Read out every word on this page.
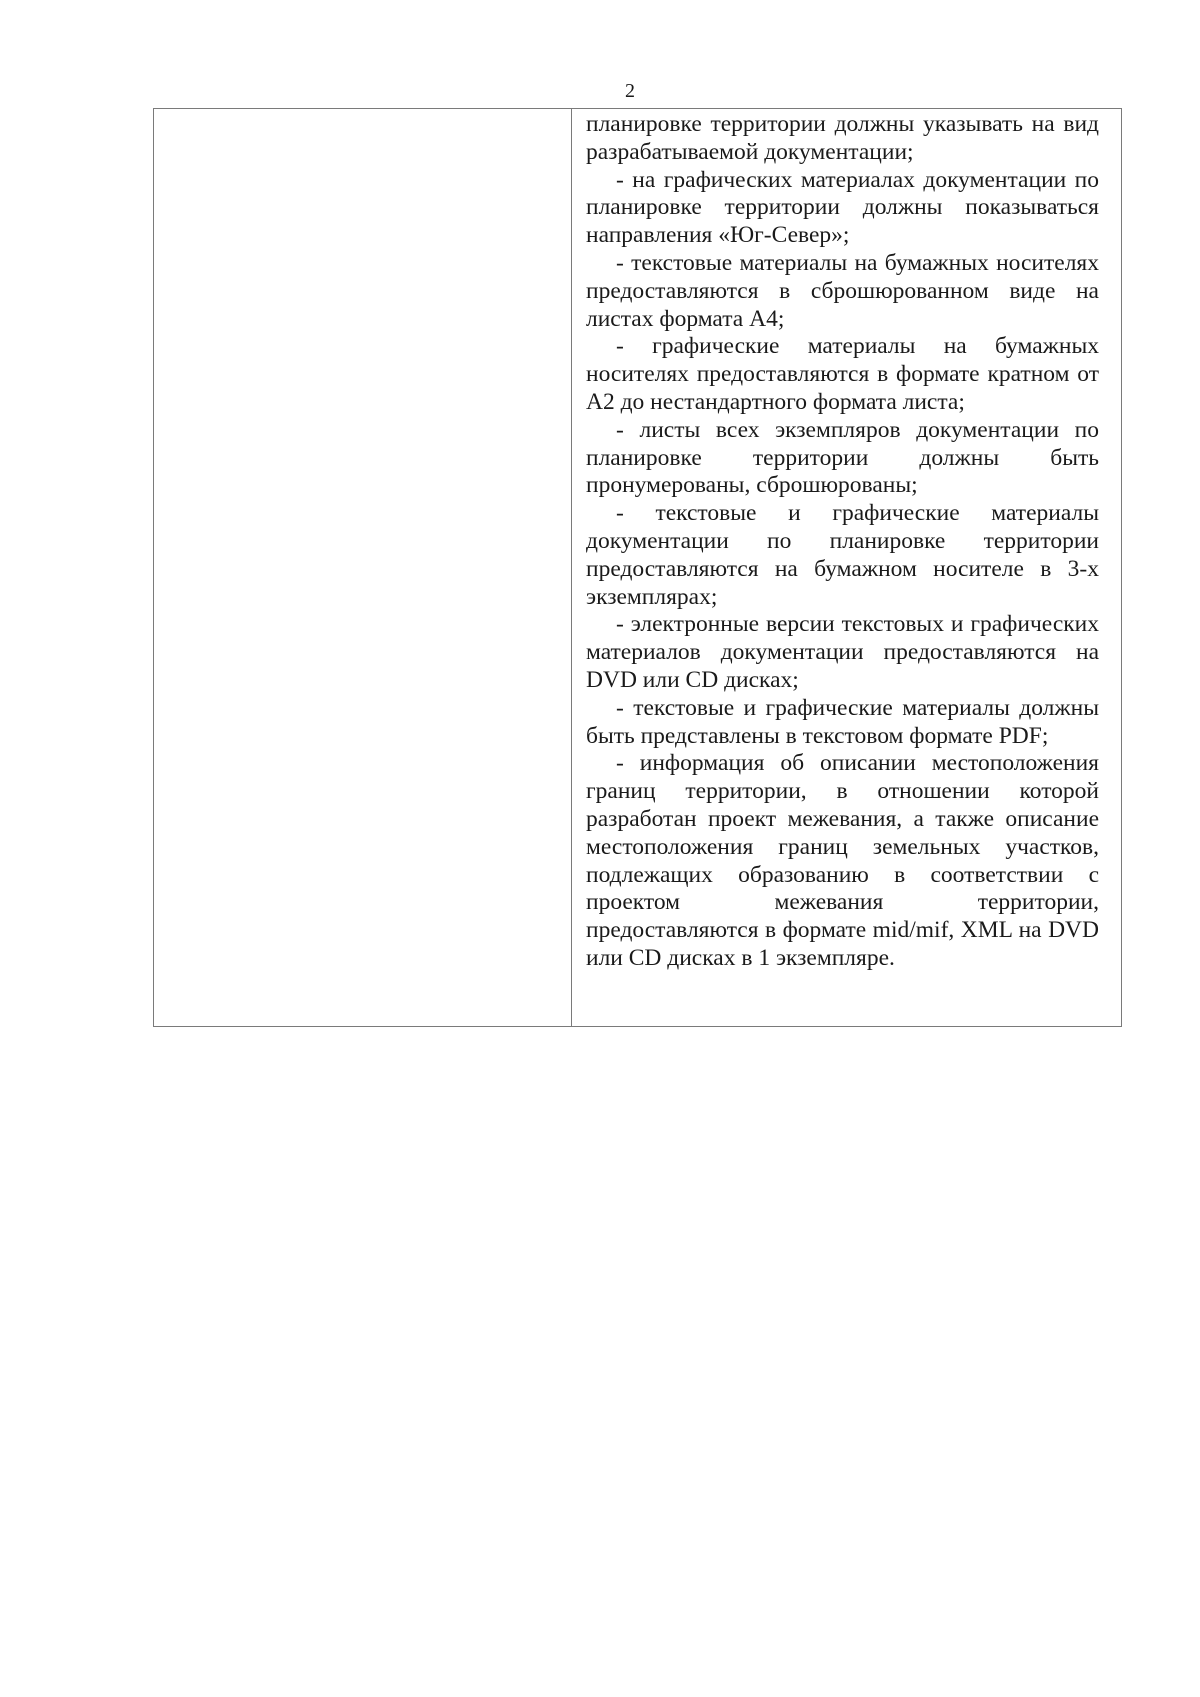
2

планировке территории должны указывать на вид разрабатываемой документации;

- на графических материалах документации по планировке территории должны показываться направления «Юг-Север»;

- текстовые материалы на бумажных носителях предоставляются в сброшюрованном виде на листах формата А4;

- графические материалы на бумажных носителях предоставляются в формате кратном от А2 до нестандартного формата листа;

- листы всех экземпляров документации по планировке территории должны быть пронумерованы, сброшюрованы;

- текстовые и графические материалы документации по планировке территории предоставляются на бумажном носителе в 3-х экземплярах;

- электронные версии текстовых и графических материалов документации предоставляются на DVD или CD дисках;

- текстовые и графические материалы должны быть представлены в текстовом формате PDF;

- информация об описании местоположения границ территории, в отношении которой разработан проект межевания, а также описание местоположения границ земельных участков, подлежащих образованию в соответствии с проектом межевания территории, предоставляются в формате mid/mif, XML на DVD или CD дисках в 1 экземпляре.
